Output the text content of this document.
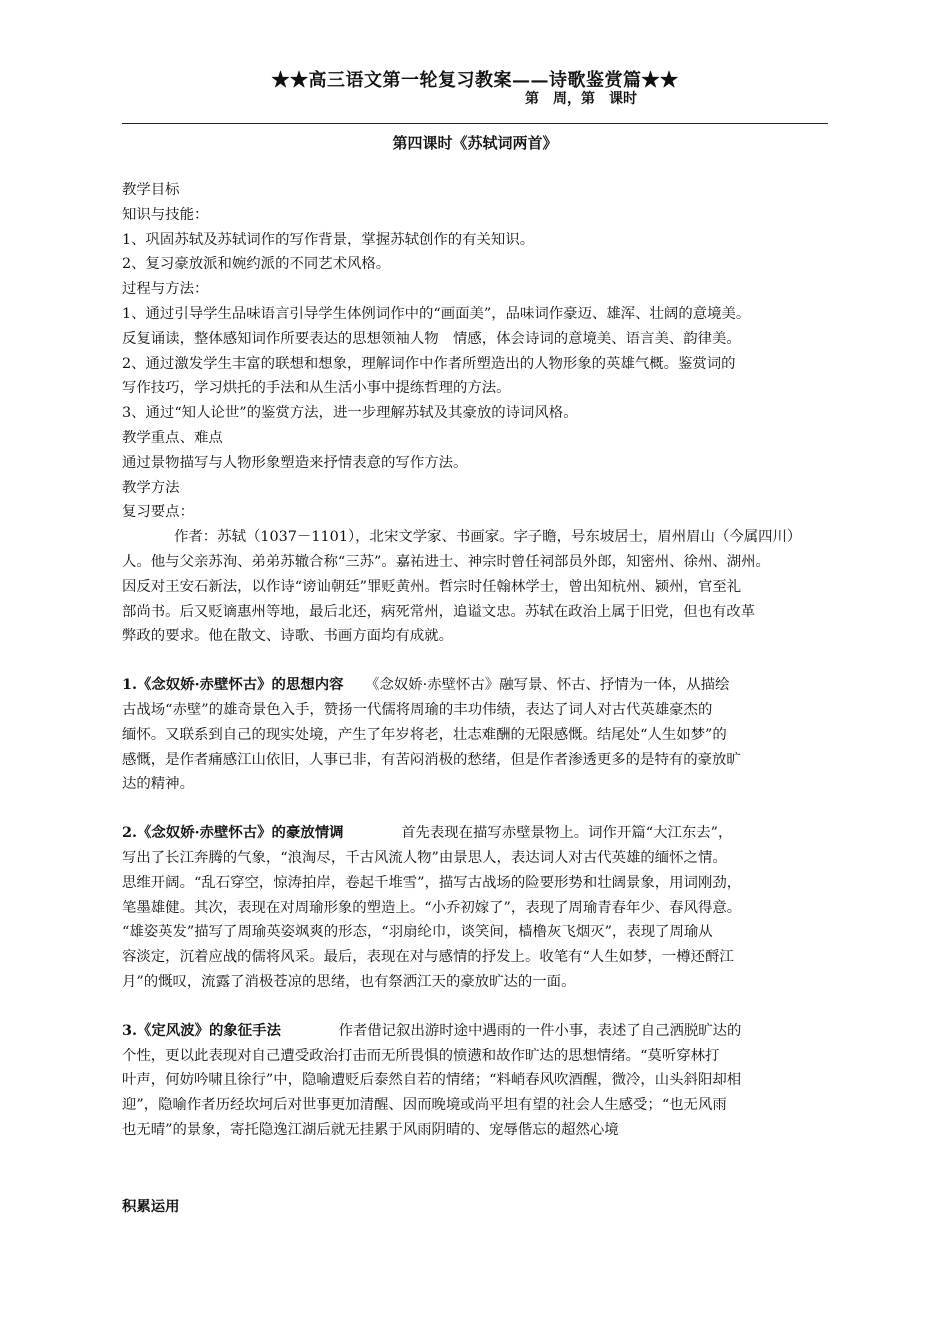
★★高三语文第一轮复习教案——诗歌鉴赏篇★★
第　周，第　课时
第四课时《苏轼词两首》
教学目标
知识与技能：
1、巩固苏轼及苏轼词作的写作背景，掌握苏轼创作的有关知识。
2、复习豪放派和婉约派的不同艺术风格。
过程与方法：
1、通过引导学生品味语言引导学生体例词作中的“画面美”，品味词作豪迈、雄浑、壮阔的意境美。
反复诵读，整体感知词作所要表达的思想领袖人物　情感，体会诗词的意境美、语言美、韵律美。
2、通过激发学生丰富的联想和想象，理解词作中作者所塑造出的人物形象的英雄气概。鉴赏词的
写作技巧，学习烘托的手法和从生活小事中提练哲理的方法。
3、通过“知人论世”的鉴赏方法，进一步理解苏轼及其豪放的诗词风格。
教学重点、难点
通过景物描写与人物形象塑造来抒情表意的写作方法。
教学方法
复习要点：
作者：苏轼（1037－1101），北宋文学家、书画家。字子瞻，号东坡居士，眉州眉山（今属四川）
人。他与父亲苏洵、弟弟苏辙合称“三苏”。嘉祐进士、神宗时曾任祠部员外郎，知密州、徐州、湖州。
因反对王安石新法，以作诗“谤讪朝廷”罪贬黄州。哲宗时任翰林学士，曾出知杭州、颍州，官至礼
部尚书。后又贬谪惠州等地，最后北还，病死常州，追谥文忠。苏轼在政治上属于旧党，但也有改革
弊政的要求。他在散文、诗歌、书画方面均有成就。
1.《念奴娇·赤壁怀古》的思想内容　　《念奴娇·赤壁怀古》融写景、怀古、抒情为一体，从描绘
古战场“赤壁”的雄奇景色入手，赞扬一代儒将周瑜的丰功伟绩，表达了词人对古代英雄豪杰的
缅怀。又联系到自己的现实处境，产生了年岁将老，壮志难酬的无限感慨。结尾处“人生如梦”的
感慨，是作者痛感江山依旧，人事已非，有苦闷消极的愁绪，但是作者渗透更多的是特有的豪放旷
达的精神。
2.《念奴娇·赤壁怀古》的豪放情调　　　　首先表现在描写赤壁景物上。词作开篇“大江东去”，
写出了长江奔腾的气象，“浪淘尽，千古风流人物”由景思人，表达词人对古代英雄的缅怀之情。
思维开阔。“乱石穿空，惊涛拍岸，卷起千堆雪”，描写古战场的险要形势和壮阔景象，用词刚劲，
笔墨雄健。其次，表现在对周瑜形象的塑造上。“小乔初嫁了”，表现了周瑜青春年少、春风得意。
“雄姿英发”描写了周瑜英姿飒爽的形态，“羽扇纶巾，谈笑间，樯橹灰飞烟灭”，表现了周瑜从
容淡定，沉着应战的儒将风采。最后，表现在对与感情的抒发上。收笔有“人生如梦，一樽还酹江
月”的慨叹，流露了消极苍凉的思绪，也有祭洒江天的豪放旷达的一面。
3.《定风波》的象征手法　　　　作者借记叙出游时途中遇雨的一件小事，表述了自己洒脱旷达的
个性，更以此表现对自己遭受政治打击而无所畏惧的愤懑和故作旷达的思想情绪。“莫听穿林打
叶声，何妨吟啸且徐行”中，隐喻遭贬后泰然自若的情绪；“料峭春风吹酒醒，微冷，山头斜阳却相
迎”，隐喻作者历经坎坷后对世事更加清醒、因而晚境或尚平坦有望的社会人生感受；“也无风雨
也无晴”的景象，寄托隐逸江湖后就无挂累于风雨阴晴的、宠辱偕忘的超然心境
积累运用
